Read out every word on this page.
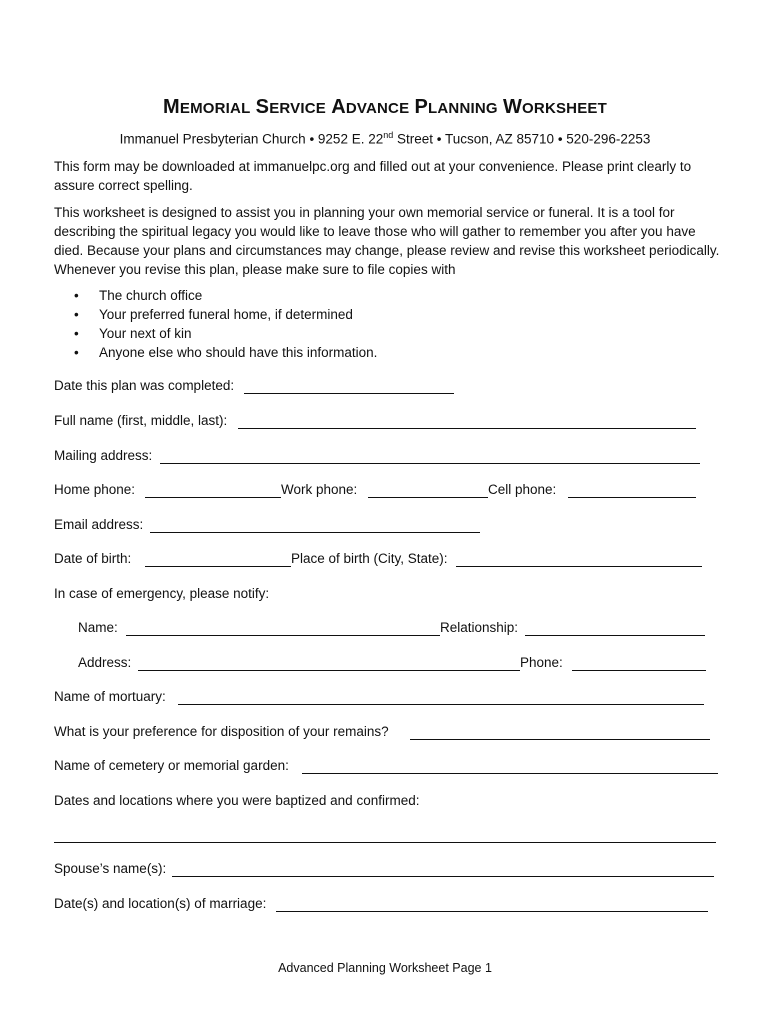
MEMORIAL SERVICE ADVANCE PLANNING WORKSHEET
Immanuel Presbyterian Church • 9252 E. 22nd Street • Tucson, AZ 85710 • 520-296-2253
This form may be downloaded at immanuelpc.org and filled out at your convenience. Please print clearly to assure correct spelling.
This worksheet is designed to assist you in planning your own memorial service or funeral. It is a tool for describing the spiritual legacy you would like to leave those who will gather to remember you after you have died. Because your plans and circumstances may change, please review and revise this worksheet periodically. Whenever you revise this plan, please make sure to file copies with
• The church office
• Your preferred funeral home, if determined
• Your next of kin
• Anyone else who should have this information.
Date this plan was completed:
Full name (first, middle, last):
Mailing address:
Home phone:	Work phone:	Cell phone:
Email address:
Date of birth:	Place of birth (City, State):
In case of emergency, please notify:
Name:	Relationship:
Address:	Phone:
Name of mortuary:
What is your preference for disposition of your remains?
Name of cemetery or memorial garden:
Dates and locations where you were baptized and confirmed:
Spouse’s name(s):
Date(s) and location(s) of marriage:
Advanced Planning Worksheet Page 1
